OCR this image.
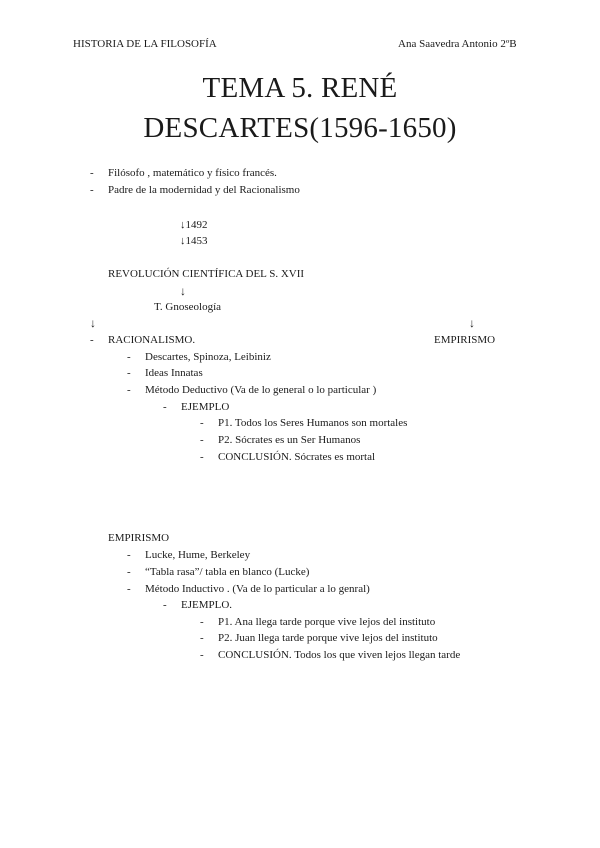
HISTORIA DE LA FILOSOFÍA	Ana Saavedra Antonio 2ºB
TEMA 5. RENÉ
DESCARTES(1596-1650)
- Filósofo , matemático y físico francés.
- Padre de la modernidad y del Racionalismo
↓1492
↓1453
REVOLUCIÓN CIENTÍFICA DEL S. XVII
↓
T. Gnoseología
↓	↓
- RACIONALISMO.	EMPIRISMO
- Descartes, Spinoza, Leibiniz
- Ideas Innatas
- Método Deductivo (Va de lo general o lo particular )
- EJEMPLO
- P1. Todos los Seres Humanos son mortales
- P2. Sócrates es un Ser Humanos
- CONCLUSIÓN. Sócrates es mortal
EMPIRISMO
- Lucke, Hume, Berkeley
- “Tabla rasa”/ tabla en blanco (Lucke)
- Método Inductivo . (Va de lo particular a lo genral)
- EJEMPLO.
- P1. Ana llega tarde porque vive lejos del instituto
- P2. Juan llega tarde porque vive lejos del instituto
- CONCLUSIÓN. Todos los que viven lejos llegan tarde
